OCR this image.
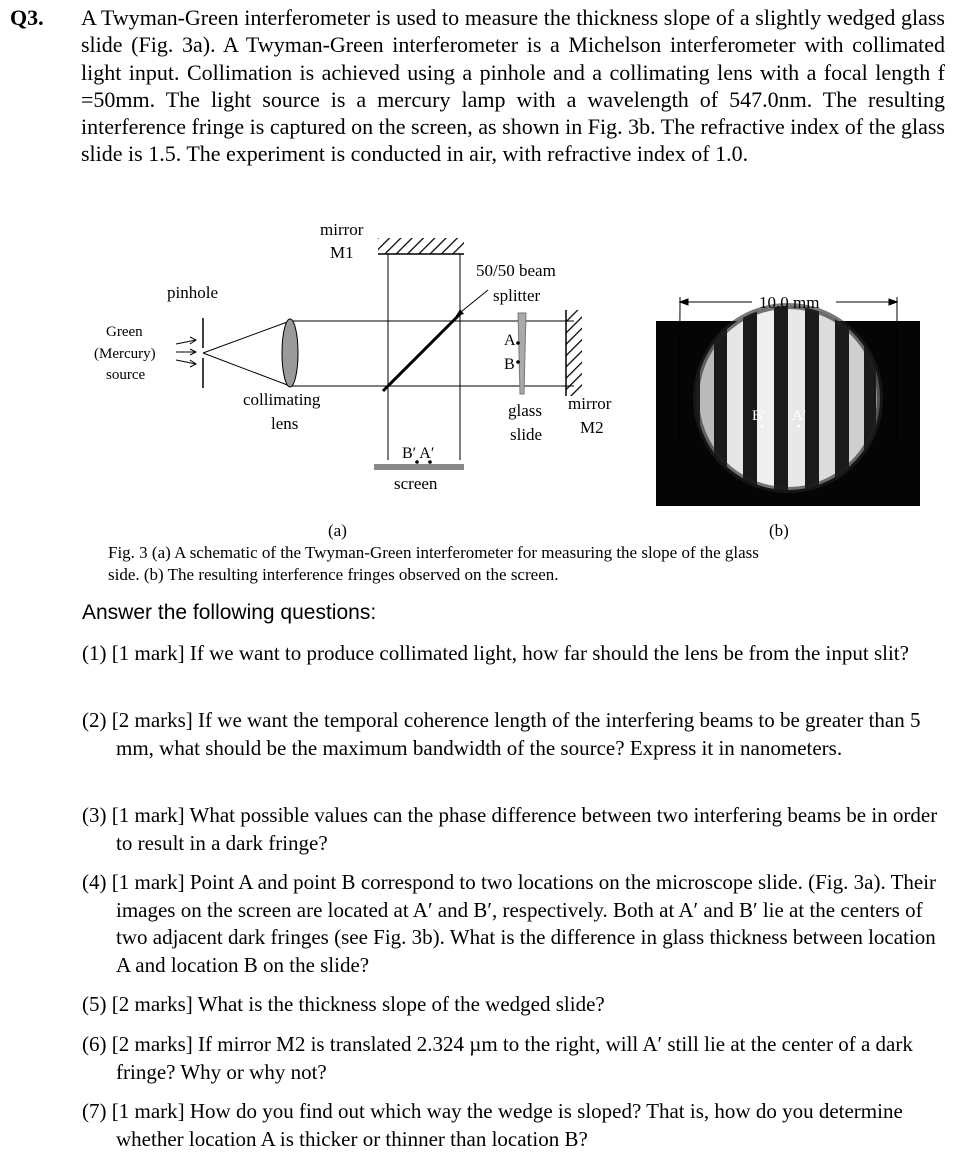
Q3. A Twyman-Green interferometer is used to measure the thickness slope of a slightly wedged glass slide (Fig. 3a). A Twyman-Green interferometer is a Michelson interferometer with collimated light input. Collimation is achieved using a pinhole and a collimating lens with a focal length f =50mm. The light source is a mercury lamp with a wavelength of 547.0nm. The resulting interference fringe is captured on the screen, as shown in Fig. 3b. The refractive index of the glass slide is 1.5. The experiment is conducted in air, with refractive index of 1.0.
mirror
M1
50/50 beam
splitter
pinhole
Green
(Mercury)
source
collimating
lens
A
B
glass
slide
mirror
M2
B′ A′
screen
B′ A′
10.0 mm
(a)	(b)
Fig. 3 (a) A schematic of the Twyman-Green interferometer for measuring the slope of the glass
side. (b) The resulting interference fringes observed on the screen.
Answer the following questions:
(1) [1 mark] If we want to produce collimated light, how far should the lens be from the input slit?
(2) [2 marks] If we want the temporal coherence length of the interfering beams to be greater than 5 mm, what should be the maximum bandwidth of the source? Express it in nanometers.
(3) [1 mark] What possible values can the phase difference between two interfering beams be in order to result in a dark fringe?
(4) [1 mark] Point A and point B correspond to two locations on the microscope slide. (Fig. 3a). Their images on the screen are located at A′ and B′, respectively. Both at A′ and B′ lie at the centers of two adjacent dark fringes (see Fig. 3b). What is the difference in glass thickness between location A and location B on the slide?
(5) [2 marks] What is the thickness slope of the wedged slide?
(6) [2 marks] If mirror M2 is translated 2.324 µm to the right, will A′ still lie at the center of a dark fringe? Why or why not?
(7) [1 mark] How do you find out which way the wedge is sloped? That is, how do you determine whether location A is thicker or thinner than location B?
